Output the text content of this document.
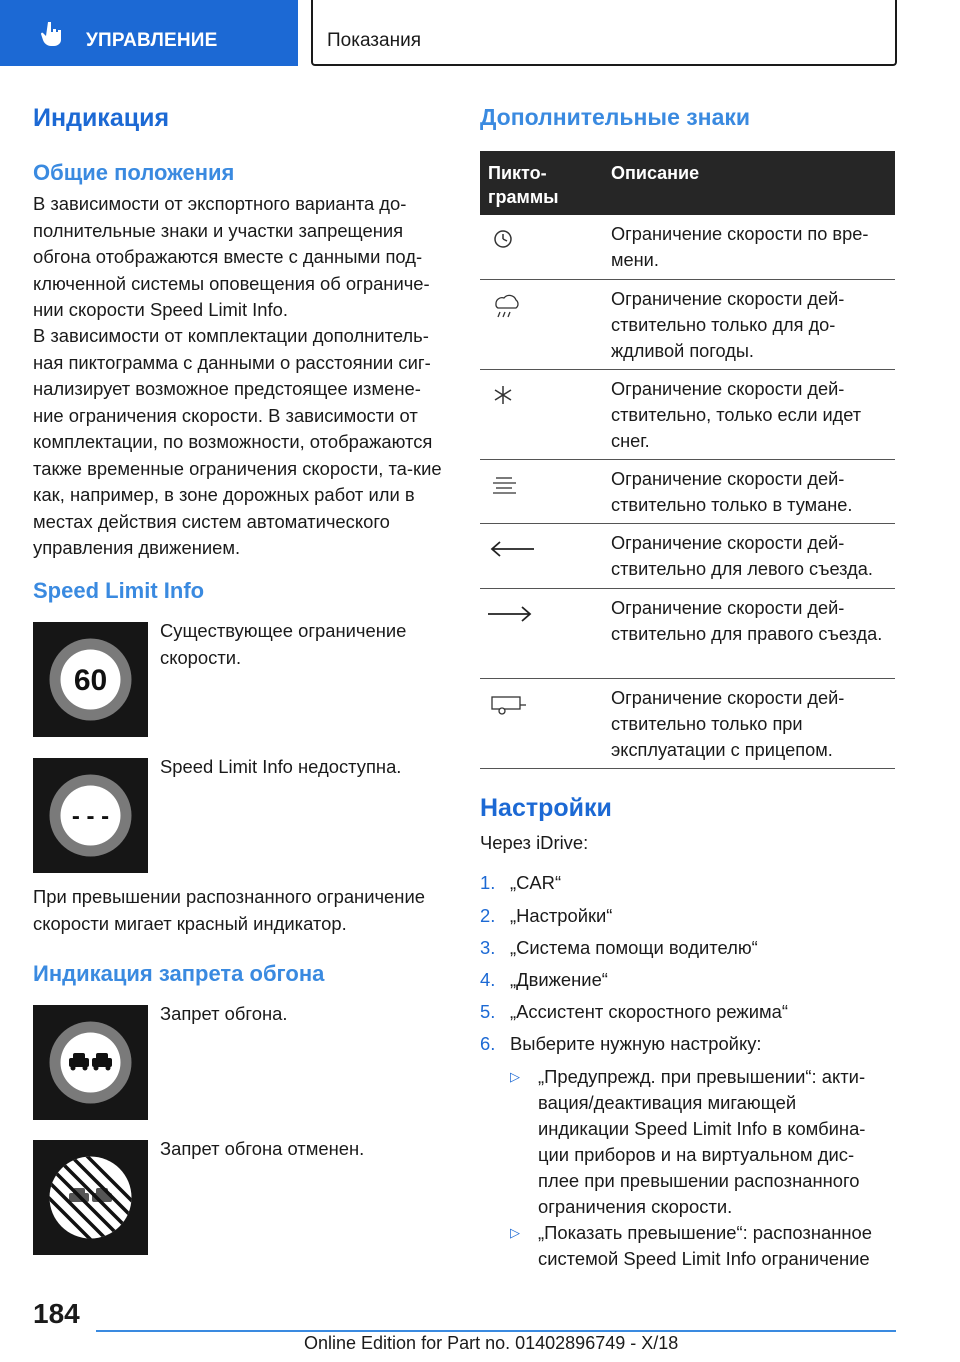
УПРАВЛЕНИЕ	Показания
Индикация
Общие положения
В зависимости от экспортного варианта до-полнительные знаки и участки запрещения обгона отображаются вместе с данными под-ключенной системы оповещения об ограниче-нии скорости Speed Limit Info.
В зависимости от комплектации дополнитель-ная пиктограмма с данными о расстоянии сиг-нализирует возможное предстоящее измене-ние ограничения скорости. В зависимости от комплектации, по возможности, отображаются также временные ограничения скорости, та-кие как, например, в зоне дорожных работ или в местах действия систем автоматического управления движением.
Speed Limit Info
60
Существующее ограничение скорости.
- - -
Speed Limit Info недоступна.
При превышении распознанного ограничение скорости мигает красный индикатор.
Индикация запрета обгона
Запрет обгона.
Запрет обгона отменен.
Дополнительные знаки
Пикто-
граммы
Описание
Ограничение скорости по вре-мени.
Ограничение скорости дей-ствительно только для до-ждливой погоды.
Ограничение скорости дей-ствительно, только если идет снег.
Ограничение скорости дей-ствительно только в тумане.
Ограничение скорости дей-ствительно для левого съезда.
Ограничение скорости дей-ствительно для правого съезда.
Ограничение скорости дей-ствительно только при эксплуатации с прицепом.
Настройки
Через iDrive:
1. „CAR“
2. „Настройки“
3. „Система помощи водителю“
4. „Движение“
5. „Ассистент скоростного режима“
6. Выберите нужную настройку:
▷ „Предупрежд. при превышении“: акти-вация/деактивация мигающей индикации Speed Limit Info в комбина-ции приборов и на виртуальном дис-плее при превышении распознанного ограничения скорости.
▷ „Показать превышение“: распознанное системой Speed Limit Info ограничение
184
Online Edition for Part no. 01402896749 - X/18
